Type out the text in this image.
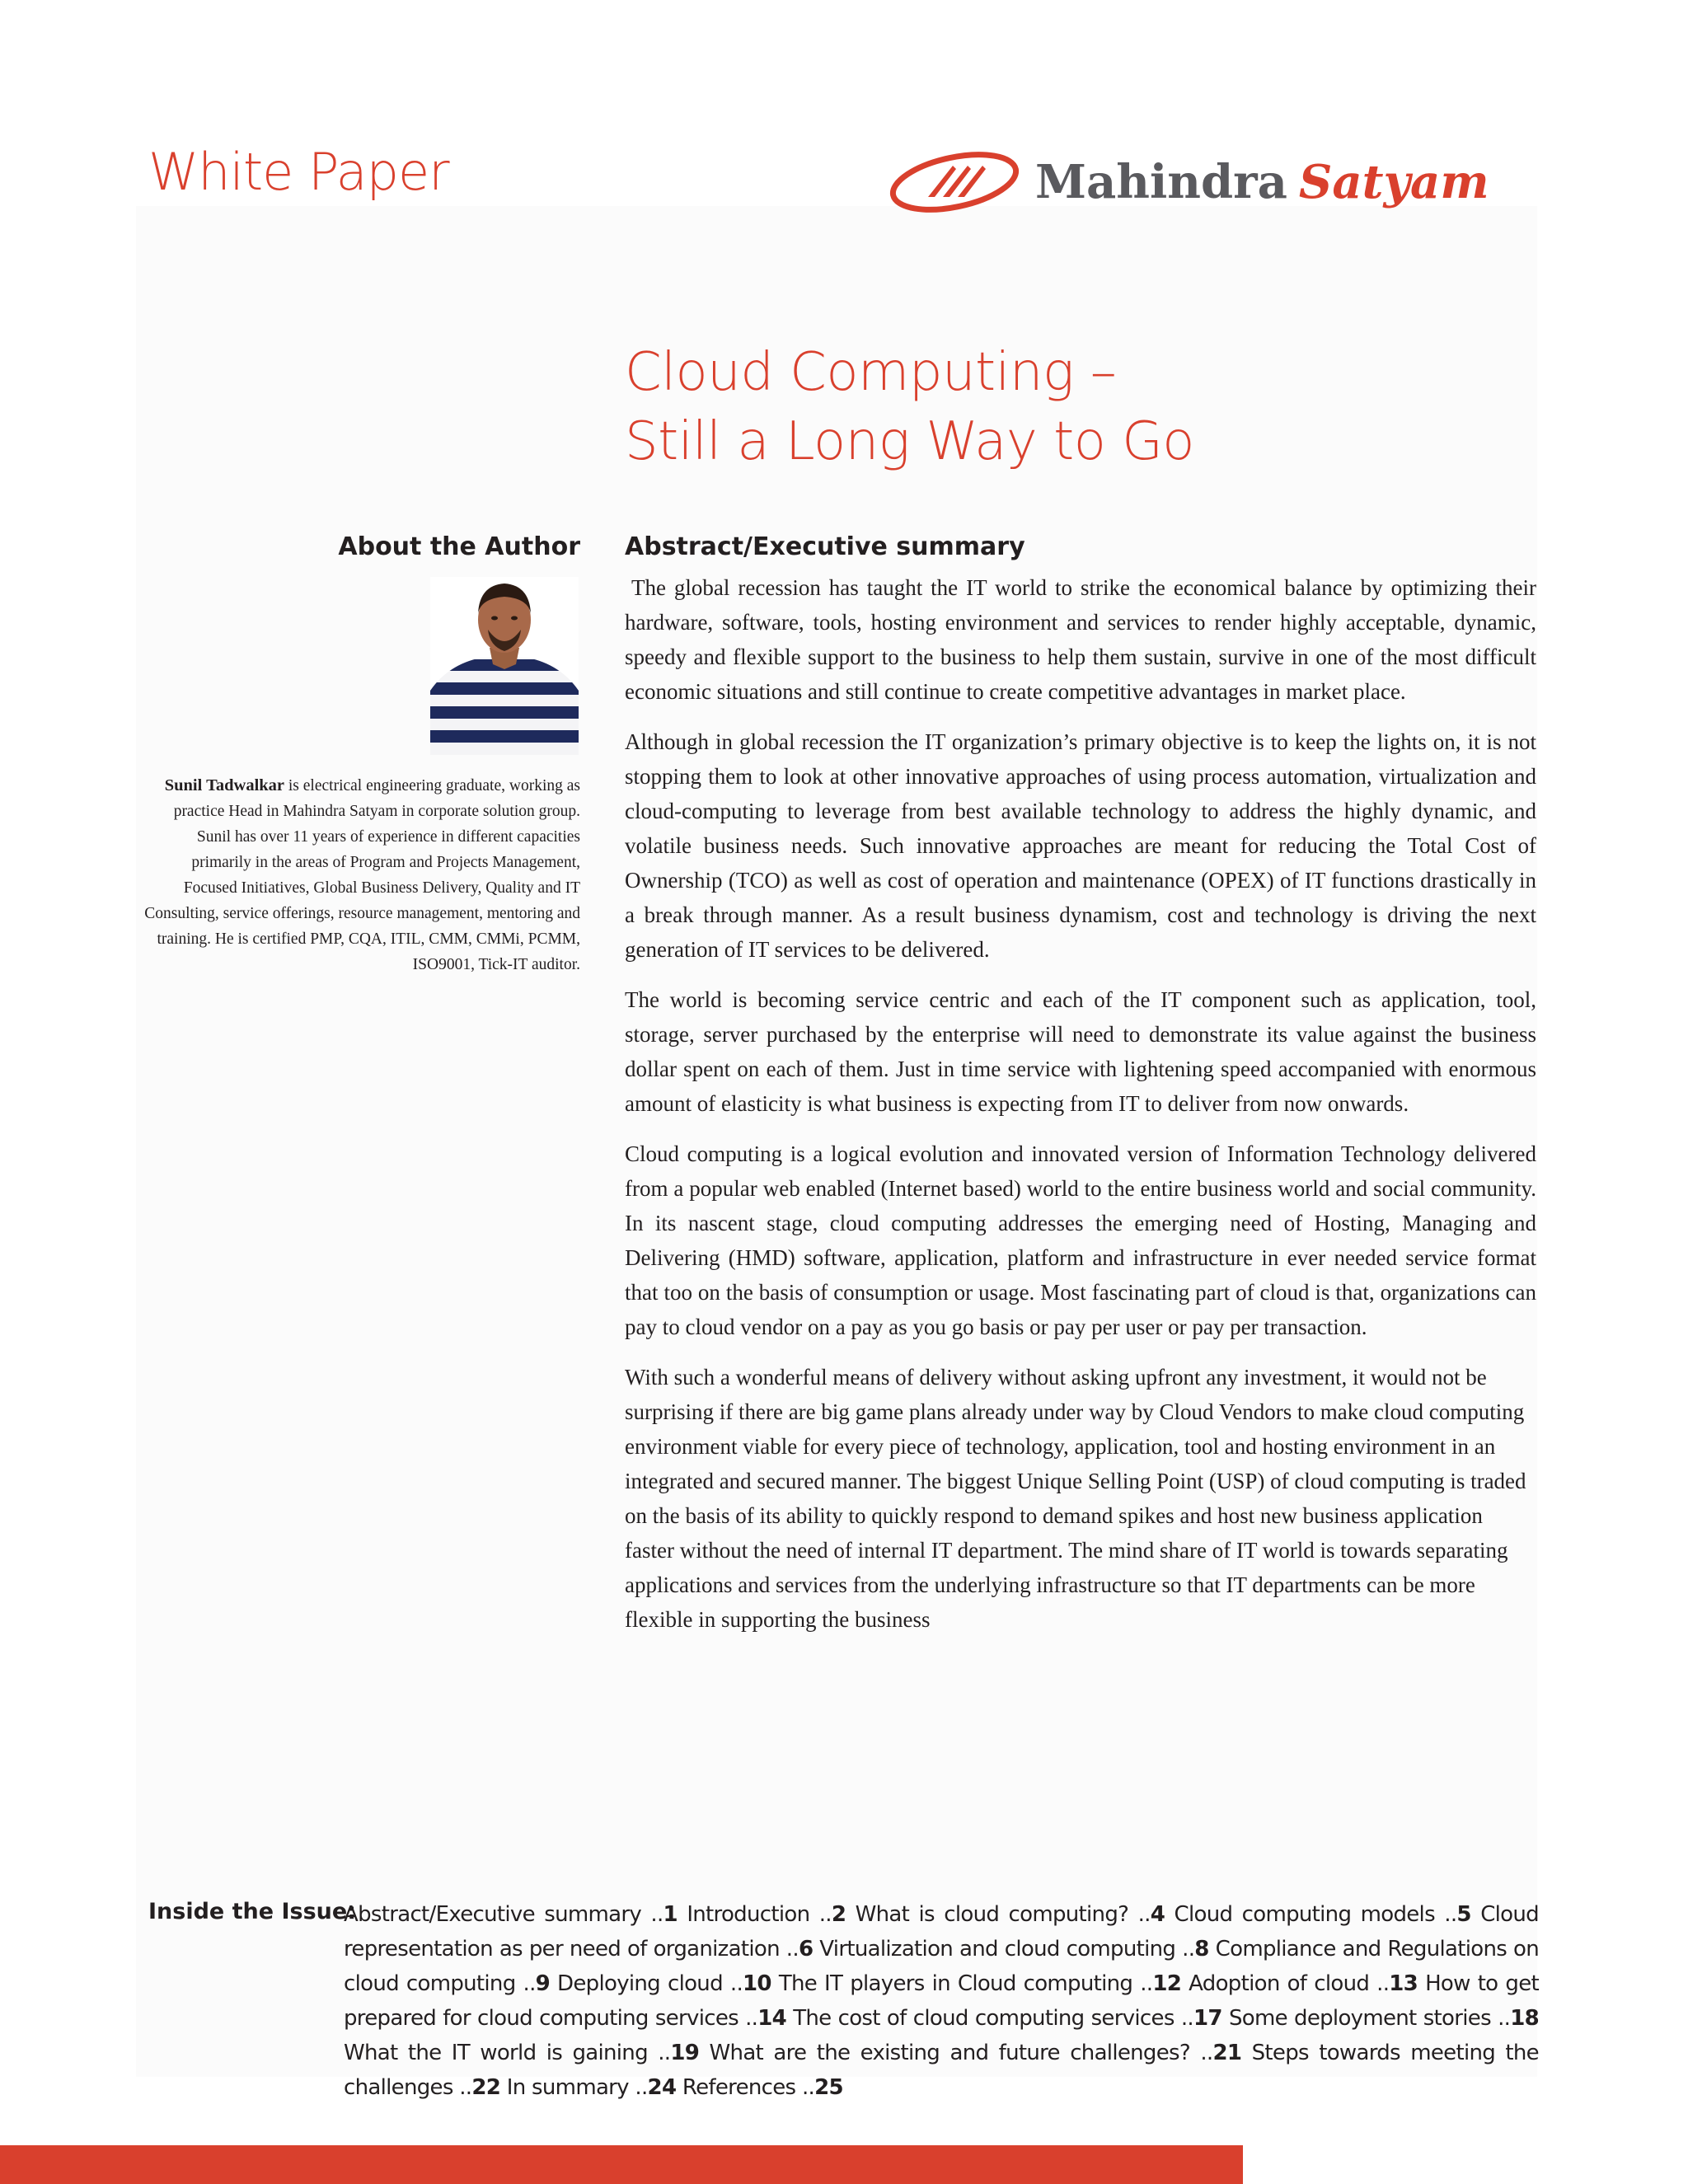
White Paper	Mahindra Satyam
Cloud Computing –
Still a Long Way to Go
About the Author
Sunil Tadwalkar is electrical engineering graduate, working as practice Head in Mahindra Satyam in corporate solution group. Sunil has over 11 years of experience in different capacities primarily in the areas of Program and Projects Management, Focused Initiatives, Global Business Delivery, Quality and IT Consulting, service offerings, resource management, mentoring and training. He is certified PMP, CQA, ITIL, CMM, CMMi, PCMM, ISO9001, Tick-IT auditor.
Abstract/Executive summary

The global recession has taught the IT world to strike the economical balance by optimizing their hardware, software, tools, hosting environment and services to render highly acceptable, dynamic, speedy and flexible support to the business to help them sustain, survive in one of the most difficult economic situations and still continue to create competitive advantages in market place.

Although in global recession the IT organization’s primary objective is to keep the lights on, it is not stopping them to look at other innovative approaches of using process automation, virtualization and cloud-computing to leverage from best available technology to address the highly dynamic, and volatile business needs. Such innovative approaches are meant for reducing the Total Cost of Ownership (TCO) as well as cost of operation and maintenance (OPEX) of IT functions drastically in a break through manner. As a result business dynamism, cost and technology is driving the next generation of IT services to be delivered.

The world is becoming service centric and each of the IT component such as application, tool, storage, server purchased by the enterprise will need to demonstrate its value against the business dollar spent on each of them. Just in time service with lightening speed accompanied with enormous amount of elasticity is what business is expecting from IT to deliver from now onwards.

Cloud computing is a logical evolution and innovated version of Information Technology delivered from a popular web enabled (Internet based) world to the entire business world and social community. In its nascent stage, cloud computing addresses the emerging need of Hosting, Managing and Delivering (HMD) software, application, platform and infrastructure in ever needed service format that too on the basis of consumption or usage. Most fascinating part of cloud is that, organizations can pay to cloud vendor on a pay as you go basis or pay per user or pay per transaction.

With such a wonderful means of delivery without asking upfront any investment, it would not be surprising if there are big game plans already under way by Cloud Vendors to make cloud computing environment viable for every piece of technology, application, tool and hosting environment in an integrated and secured manner. The biggest Unique Selling Point (USP) of cloud computing is traded on the basis of its ability to quickly respond to demand spikes and host new business application faster without the need of internal IT department. The mind share of IT world is towards separating applications and services from the underlying infrastructure so that IT departments can be more flexible in supporting the business

Inside the Issue:
Abstract/Executive summary ..1 Introduction ..2 What is cloud computing? ..4 Cloud computing models ..5 Cloud representation as per need of organization ..6 Virtualization and cloud computing ..8 Compliance and Regulations on cloud computing ..9 Deploying cloud ..10 The IT players in Cloud computing ..12 Adoption of cloud ..13 How to get prepared for cloud computing services ..14 The cost of cloud computing services ..17 Some deployment stories ..18 What the IT world is gaining ..19 What are the existing and future challenges? ..21 Steps towards meeting the challenges ..22 In summary ..24 References ..25
